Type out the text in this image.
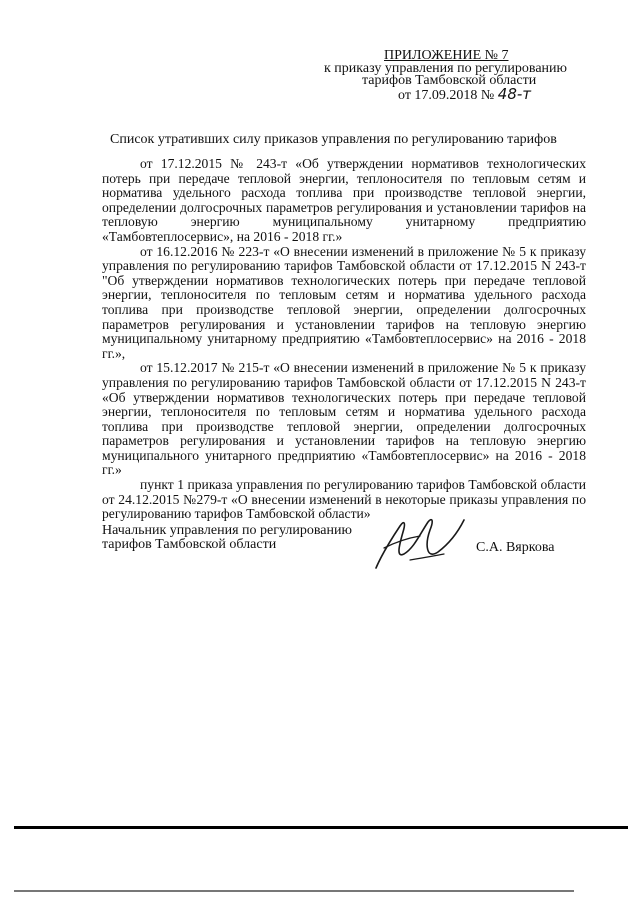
ПРИЛОЖЕНИЕ № 7
к приказу управления по регулированию
тарифов Тамбовской области
от 17.09.2018 № 48-т
Список утративших силу приказов управления по регулированию тарифов

от 17.12.2015 № 243-т «Об утверждении нормативов технологических потерь при передаче тепловой энергии, теплоносителя по тепловым сетям и норматива удельного расхода топлива при производстве тепловой энергии, определении долгосрочных параметров регулирования и установлении тарифов на тепловую энергию муниципальному унитарному предприятию «Тамбовтеплосервис», на 2016 - 2018 гг.»

от 16.12.2016 № 223-т «О внесении изменений в приложение № 5 к приказу управления по регулированию тарифов Тамбовской области от 17.12.2015 N 243-т "Об утверждении нормативов технологических потерь при передаче тепловой энергии, теплоносителя по тепловым сетям и норматива удельного расхода топлива при производстве тепловой энергии, определении долгосрочных параметров регулирования и установлении тарифов на тепловую энергию муниципальному унитарному предприятию «Тамбовтеплосервис» на 2016 - 2018 гг.»,

от 15.12.2017 № 215-т «О внесении изменений в приложение № 5 к приказу управления по регулированию тарифов Тамбовской области от 17.12.2015 N 243-т «Об утверждении нормативов технологических потерь при передаче тепловой энергии, теплоносителя по тепловым сетям и норматива удельного расхода топлива при производстве тепловой энергии, определении долгосрочных параметров регулирования и установлении тарифов на тепловую энергию муниципального унитарного предприятию «Тамбовтеплосервис» на 2016 - 2018 гг.»

пункт 1 приказа управления по регулированию тарифов Тамбовской области от 24.12.2015 №279-т «О внесении изменений в некоторые приказы управления по регулированию тарифов Тамбовской области»

Начальник управления по регулированию
тарифов Тамбовской области	С.А. Вяркова
